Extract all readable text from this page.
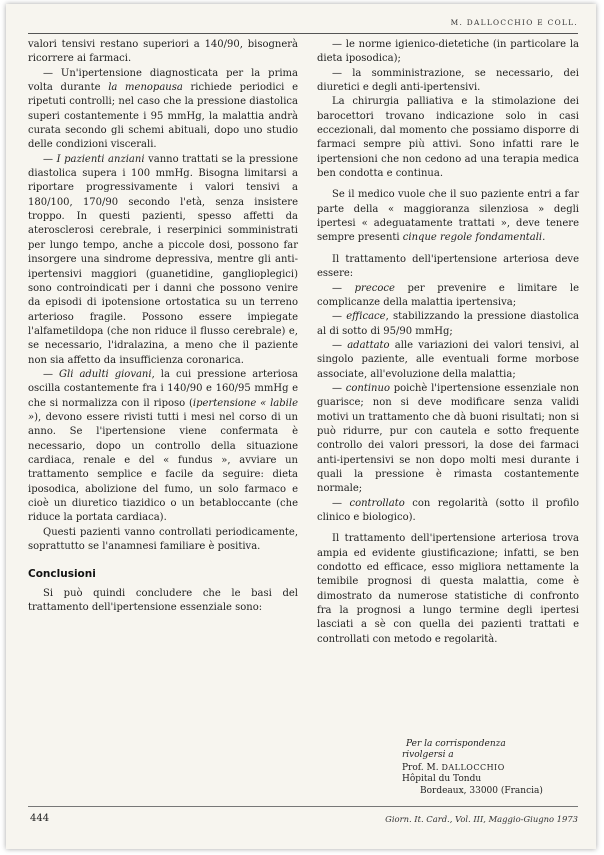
M. DALLOCCHIO E COLL.

valori tensivi restano superiori a 140/90, bisognerà ricorrere ai farmaci.

— Un'ipertensione diagnosticata per la prima volta durante la menopausa richiede periodici e ripetuti controlli; nel caso che la pressione diastolica superi costantemente i 95 mmHg, la malattia andrà curata secondo gli schemi abituali, dopo uno studio delle condizioni viscerali.

— I pazienti anziani vanno trattati se la pressione diastolica supera i 100 mmHg. Bisogna limitarsi a riportare progressivamente i valori tensivi a 180/100, 170/90 secondo l'età, senza insistere troppo. In questi pazienti, spesso affetti da aterosclerosi cerebrale, i reserpinici somministrati per lungo tempo, anche a piccole dosi, possono far insorgere una sindrome depressiva, mentre gli anti-ipertensivi maggiori (guanetidine, ganglioplegici) sono controindicati per i danni che possono venire da episodi di ipotensione ortostatica su un terreno arterioso fragile. Possono essere impiegate l'alfametildopa (che non riduce il flusso cerebrale) e, se necessario, l'idralazina, a meno che il paziente non sia affetto da insufficienza coronarica.

— Gli adulti giovani, la cui pressione arteriosa oscilla costantemente fra i 140/90 e 160/95 mmHg e che si normalizza con il riposo (ipertensione « labile »), devono essere rivisti tutti i mesi nel corso di un anno. Se l'ipertensione viene confermata è necessario, dopo un controllo della situazione cardiaca, renale e del « fundus », avviare un trattamento semplice e facile da seguire: dieta iposodica, abolizione del fumo, un solo farmaco e cioè un diuretico tiazidico o un betabloccante (che riduce la portata cardiaca).

Questi pazienti vanno controllati periodicamente, soprattutto se l'anamnesi familiare è positiva.

Conclusioni

Si può quindi concludere che le basi del trattamento dell'ipertensione essenziale sono:

— le norme igienico-dietetiche (in particolare la dieta iposodica);

— la somministrazione, se necessario, dei diuretici e degli anti-ipertensivi.

La chirurgia palliativa e la stimolazione dei barocettori trovano indicazione solo in casi eccezionali, dal momento che possiamo disporre di farmaci sempre più attivi. Sono infatti rare le ipertensioni che non cedono ad una terapia medica ben condotta e continua.

Se il medico vuole che il suo paziente entri a far parte della « maggioranza silenziosa » degli ipertesi « adeguatamente trattati », deve tenere sempre presenti cinque regole fondamentali.

Il trattamento dell'ipertensione arteriosa deve essere:

— precoce per prevenire e limitare le complicanze della malattia ipertensiva;

— efficace, stabilizzando la pressione diastolica al di sotto di 95/90 mmHg;

— adattato alle variazioni dei valori tensivi, al singolo paziente, alle eventuali forme morbose associate, all'evoluzione della malattia;

— continuo poichè l'ipertensione essenziale non guarisce; non si deve modificare senza validi motivi un trattamento che dà buoni risultati; non si può ridurre, pur con cautela e sotto frequente controllo dei valori pressori, la dose dei farmaci anti-ipertensivi se non dopo molti mesi durante i quali la pressione è rimasta costantemente normale;

— controllato con regolarità (sotto il profilo clinico e biologico).

Il trattamento dell'ipertensione arteriosa trova ampia ed evidente giustificazione; infatti, se ben condotto ed efficace, esso migliora nettamente la temibile prognosi di questa malattia, come è dimostrato da numerose statistiche di confronto fra la prognosi a lungo termine degli ipertesi lasciati a sè con quella dei pazienti trattati e controllati con metodo e regolarità.

Per la corrispondenza

rivolgersi a

Prof. M. DALLOCCHIO

Hôpital du Tondu

Bordeaux, 33000 (Francia)

444	Giorn. It. Card., Vol. III, Maggio-Giugno 1973
